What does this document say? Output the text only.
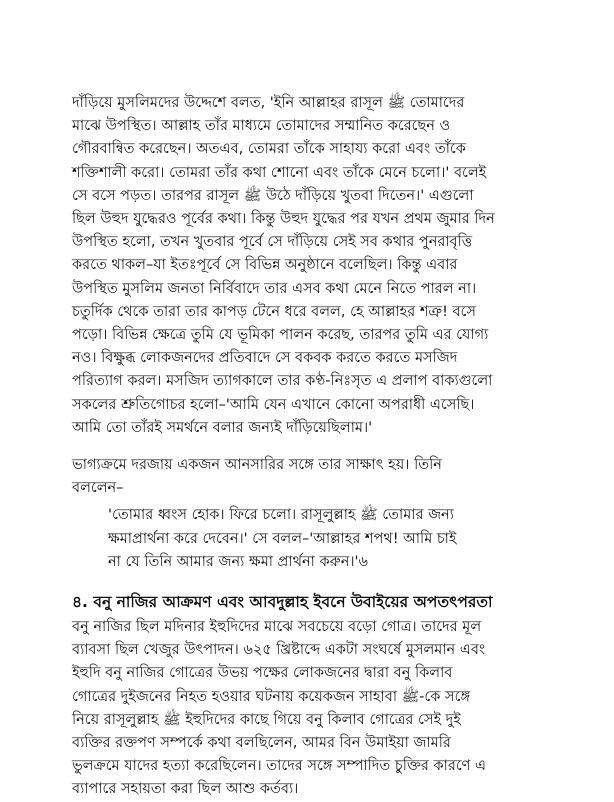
দাঁড়িয়ে মুসলিমদের উদ্দেশে বলত, 'ইনি আল্লাহর রাসূল ﷺ তোমাদের
মাঝে উপস্থিত। আল্লাহ তাঁর মাধ্যমে তোমাদের সম্মানিত করেছেন ও
গৌরবান্বিত করেছেন। অতএব, তোমরা তাঁকে সাহায্য করো এবং তাঁকে
শক্তিশালী করো। তোমরা তাঁর কথা শোনো এবং তাঁকে মেনে চলো।' বলেই
সে বসে পড়ত। তারপর রাসূল ﷺ উঠে দাঁড়িয়ে খুতবা দিতেন।' এগুলো
ছিল উহুদ যুদ্ধেরও পূর্বের কথা। কিন্তু উহুদ যুদ্ধের পর যখন প্রথম জুমার দিন
উপস্থিত হলো, তখন খুতবার পূর্বে সে দাঁড়িয়ে সেই সব কথার পুনরাবৃত্তি
করতে থাকল–যা ইতঃপূর্বে সে বিভিন্ন অনুষ্ঠানে বলেছিল। কিন্তু এবার
উপস্থিত মুসলিম জনতা নির্বিবাদে তার এসব কথা মেনে নিতে পারল না।
চতুর্দিক থেকে তারা তার কাপড় টেনে ধরে বলল, হে আল্লাহর শত্রু! বসে
পড়ো। বিভিন্ন ক্ষেত্রে তুমি যে ভূমিকা পালন করেছ, তারপর তুমি এর যোগ্য
নও। বিক্ষুব্ধ লোকজনদের প্রতিবাদে সে বকবক করতে করতে মসজিদ
পরিত্যাগ করল। মসজিদ ত্যাগকালে তার কণ্ঠ-নিঃসৃত এ প্রলাপ বাক্যগুলো
সকলের শ্রুতিগোচর হলো–'আমি যেন এখানে কোনো অপরাধী এসেছি।
আমি তো তাঁরই সমর্থনে বলার জন্যই দাঁড়িয়েছিলাম।'
ভাগ্যক্রমে দরজায় একজন আনসারির সঙ্গে তার সাক্ষাৎ হয়। তিনি
বললেন–
'তোমার ধ্বংস হোক। ফিরে চলো। রাসূলুল্লাহ ﷺ তোমার জন্য
ক্ষমাপ্রার্থনা করে দেবেন।' সে বলল–'আল্লাহর শপথ! আমি চাই
না যে তিনি আমার জন্য ক্ষমা প্রার্থনা করুন।'৬
৪. বনু নাজির আক্রমণ এবং আবদুল্লাহ ইবনে উবাইয়ের অপতৎপরতা
বনু নাজির ছিল মদিনার ইহুদিদের মাঝে সবচেয়ে বড়ো গোত্র। তাদের মূল
ব্যাবসা ছিল খেজুর উৎপাদন। ৬২৫ খ্রিষ্টাব্দে একটা সংঘর্ষে মুসলমান এবং
ইহুদি বনু নাজির গোত্রের উভয় পক্ষের লোকজনের দ্বারা বনু কিলাব
গোত্রের দুইজনের নিহত হওয়ার ঘটনায় কয়েকজন সাহাবা ﷺ-কে সঙ্গে
নিয়ে রাসূলুল্লাহ ﷺ ইহুদিদের কাছে গিয়ে বনু কিলাব গোত্রের সেই দুই
ব্যক্তির রক্তপণ সম্পর্কে কথা বলছিলেন, আমর বিন উমাইয়া জামরি
ভুলক্রমে যাদের হত্যা করেছিলেন। তাদের সঙ্গে সম্পাদিত চুক্তির কারণে এ
ব্যাপারে সহায়তা করা ছিল আশু কর্তব্য।
